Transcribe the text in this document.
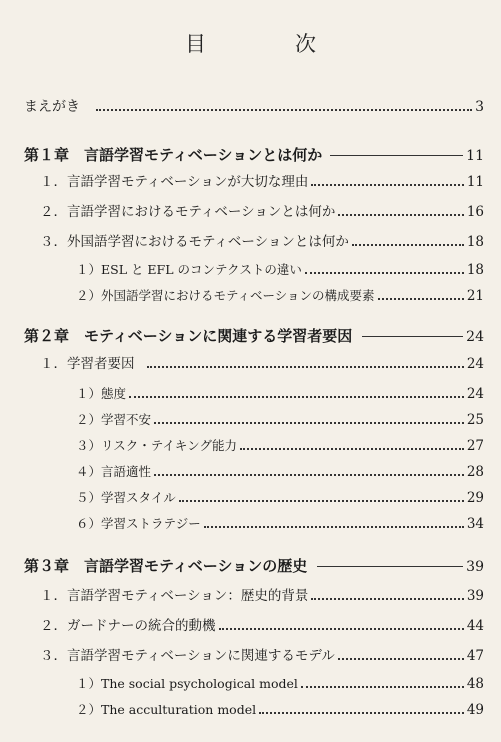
目　次
まえがき	3
第１章　言語学習モティベーションとは何か	11
１．言語学習モティベーションが大切な理由	11
２．言語学習におけるモティベーションとは何か	16
３．外国語学習におけるモティベーションとは何か	18
１）ESL と EFL のコンテクストの違い	18
２）外国語学習におけるモティベーションの構成要素	21
第２章　モティベーションに関連する学習者要因	24
１．学習者要因	24
１）態度	24
２）学習不安	25
３）リスク・テイキング能力	27
４）言語適性	28
５）学習スタイル	29
６）学習ストラテジー	34
第３章　言語学習モティベーションの歴史	39
１．言語学習モティベーション：歴史的背景	39
２．ガードナーの統合的動機	44
３．言語学習モティベーションに関連するモデル	47
１）The social psychological model	48
２）The acculturation model	49
